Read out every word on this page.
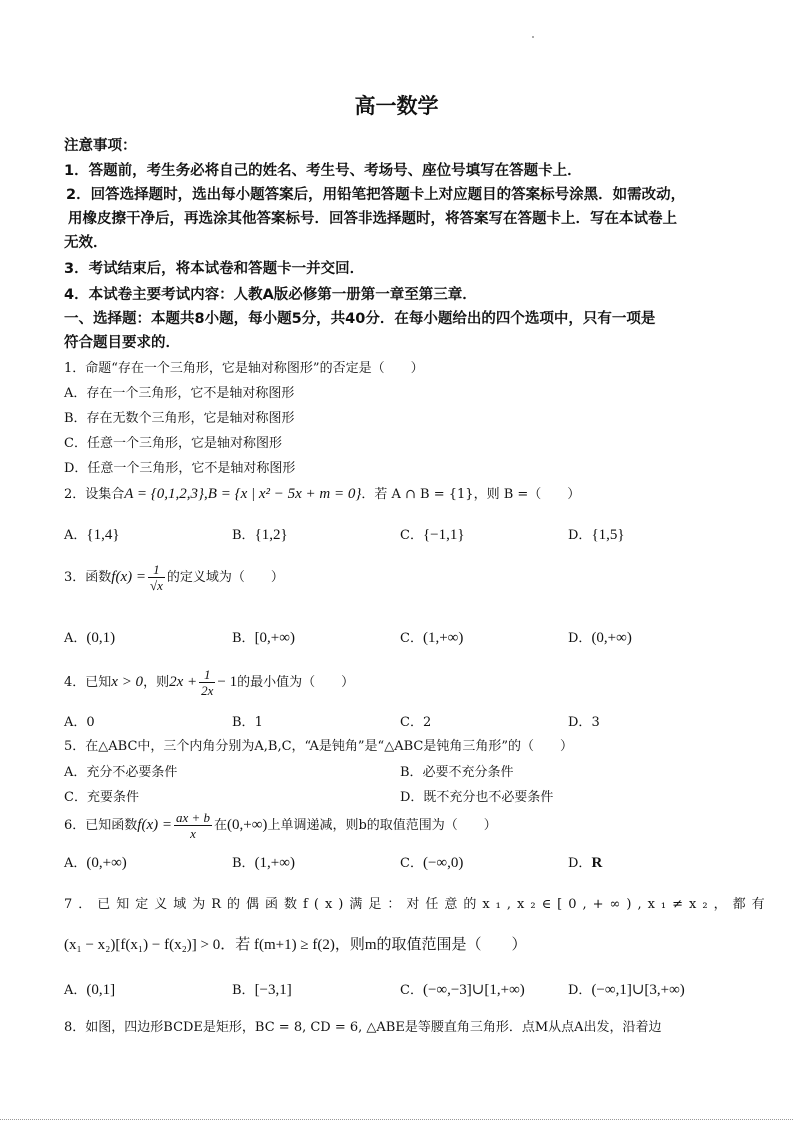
高一数学
注意事项：
1．答题前，考生务必将自己的姓名、考生号、考场号、座位号填写在答题卡上．
2．回答选择题时，选出每小题答案后，用铅笔把答题卡上对应题目的答案标号涂黑．如需改动，
用橡皮擦干净后，再选涂其他答案标号．回答非选择题时，将答案写在答题卡上．写在本试卷上
无效．
3．考试结束后，将本试卷和答题卡一并交回．
4．本试卷主要考试内容：人教A版必修第一册第一章至第三章．
一、选择题：本题共8小题，每小题5分，共40分．在每小题给出的四个选项中，只有一项是
符合题目要求的．
1．命题“存在一个三角形，它是轴对称图形”的否定是（　　）
A．存在一个三角形，它不是轴对称图形
B．存在无数个三角形，它是轴对称图形
C．任意一个三角形，它是轴对称图形
D．任意一个三角形，它不是轴对称图形
2．设集合A = {0,1,2,3},B = {x | x² − 5x + m = 0}．若 A ∩ B = {1}，则 B =（　　）
A．{1,4}	B．{1,2}	C．{−1,1}	D．{1,5}
3．函数$f(x) = \frac{1}{√x}$ 的定义域为（　　）
A．(0,1)	B．[0,+∞)	C．(1,+∞)	D．(0,+∞)
4．已知x > 0，则$2x + \frac{1}{2x} - 1$的最小值为（　　）
A．0	B．1	C．2	D．3
5．在△ABC中，三个内角分别为A,B,C，“A是钝角”是“△ABC是钝角三角形”的（　　）
A．充分不必要条件	B．必要不充分条件
C．充要条件	D．既不充分也不必要条件
6．已知函数$f(x) = \frac{ax + b}{x}$ 在(0,+∞)上单调递减，则b的取值范围为（　　）
A．(0,+∞)	B．(1,+∞)	C．(−∞,0)	D．R
7．已知定义域为R的偶函数f(x)满足：对任意的x₁,x₂∈[0,+∞),x₁≠x₂，都有
(x₁ − x₂)[f(x₁) − f(x₂)] > 0．若 f(m+1) ≥ f(2)，则m的取值范围是（　　）
A．(0,1]	B．[−3,1]	C．(−∞,−3]∪[1,+∞)	D．(−∞,1]∪[3,+∞)
8．如图，四边形BCDE是矩形，BC = 8, CD = 6, △ABE是等腰直角三角形．点M从点A出发，沿着边
